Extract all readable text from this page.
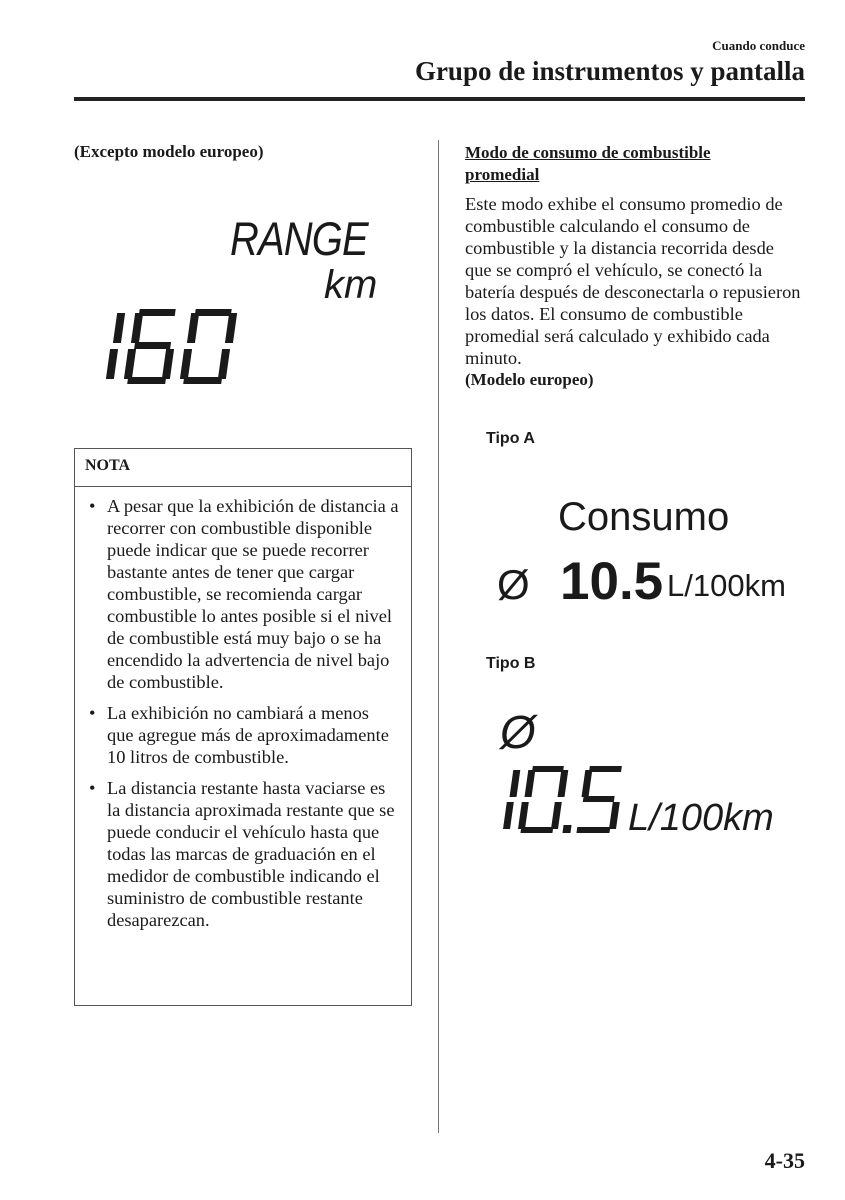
Cuando conduce
Grupo de instrumentos y pantalla
(Excepto modelo europeo)
RANGE
km
NOTA
• A pesar que la exhibición de distancia a recorrer con combustible disponible puede indicar que se puede recorrer bastante antes de tener que cargar combustible, se recomienda cargar combustible lo antes posible si el nivel de combustible está muy bajo o se ha encendido la advertencia de nivel bajo de combustible.
• La exhibición no cambiará a menos que agregue más de aproximadamente 10 litros de combustible.
• La distancia restante hasta vaciarse es la distancia aproximada restante que se puede conducir el vehículo hasta que todas las marcas de graduación en el medidor de combustible indicando el suministro de combustible restante desaparezcan.
Modo de consumo de combustible promedial
Este modo exhibe el consumo promedio de combustible calculando el consumo de combustible y la distancia recorrida desde que se compró el vehículo, se conectó la batería después de desconectarla o repusieron los datos. El consumo de combustible promedial será calculado y exhibido cada minuto.
(Modelo europeo)
Tipo A
Consumo
Ø 10.5 L/100km
Tipo B
Ø
L/100km
4-35
